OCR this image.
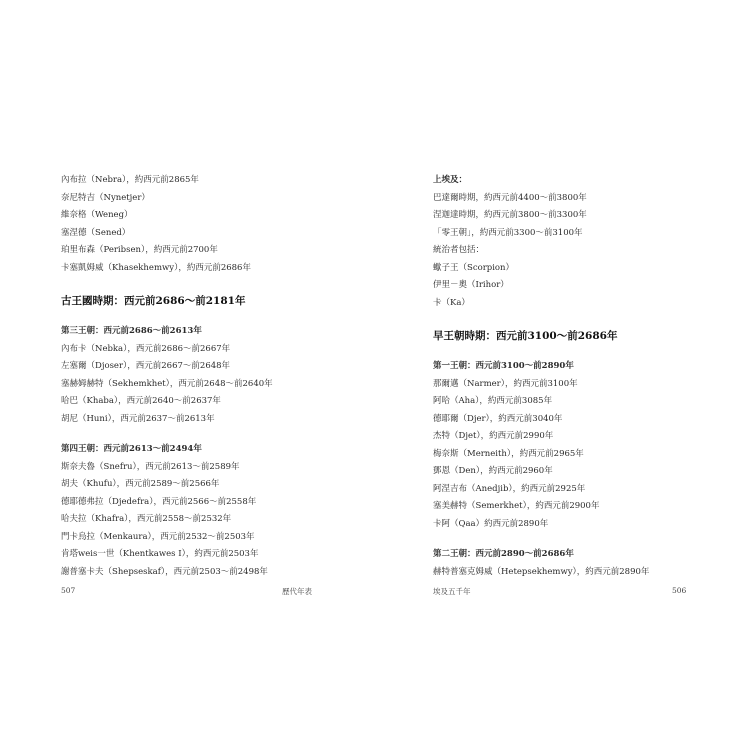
內布拉（Nebra），約西元前2865年
奈尼特吉（Nynetjer）
維奈格（Weneg）
塞涅德（Sened）
珀里布森（Peribsen），約西元前2700年
卡塞凱姆威（Khasekhemwy），約西元前2686年
古王國時期：西元前2686～前2181年
第三王朝：西元前2686～前2613年
內布卡（Nebka），西元前2686～前2667年
左塞爾（Djoser），西元前2667～前2648年
塞赫姆赫特（Sekhemkhet），西元前2648～前2640年
哈巴（Khaba），西元前2640～前2637年
胡尼（Huni），西元前2637～前2613年
第四王朝：西元前2613～前2494年
斯奈夫魯（Snefru），西元前2613～前2589年
胡夫（Khufu），西元前2589～前2566年
德耶德弗拉（Djedefra），西元前2566～前2558年
哈夫拉（Khafra），西元前2558～前2532年
門卡烏拉（Menkaura），西元前2532～前2503年
肯塔weis一世（Khentkawes I），約西元前2503年
謝普塞卡夫（Shepseskaf），西元前2503～前2498年
507	歷代年表
上埃及：
巴達爾時期，約西元前4400～前3800年
涅迦達時期，約西元前3800～前3300年
「零王朝」，約西元前3300～前3100年
統治者包括：
蠍子王（Scorpion）
伊里－奧（Irihor）
卡（Ka）
早王朝時期：西元前3100～前2686年
第一王朝：西元前3100～前2890年
那爾邁（Narmer），約西元前3100年
阿哈（Aha），約西元前3085年
德耶爾（Djer），約西元前3040年
杰特（Djet），約西元前2990年
梅奈斯（Merneith），約西元前2965年
鄧恩（Den），約西元前2960年
阿涅吉布（Anedjib），約西元前2925年
塞美赫特（Semerkhet），約西元前2900年
卡阿（Qaa）約西元前2890年
第二王朝：西元前2890～前2686年
赫特普塞克姆威（Hetepsekhemwy），約西元前2890年
埃及五千年	506
